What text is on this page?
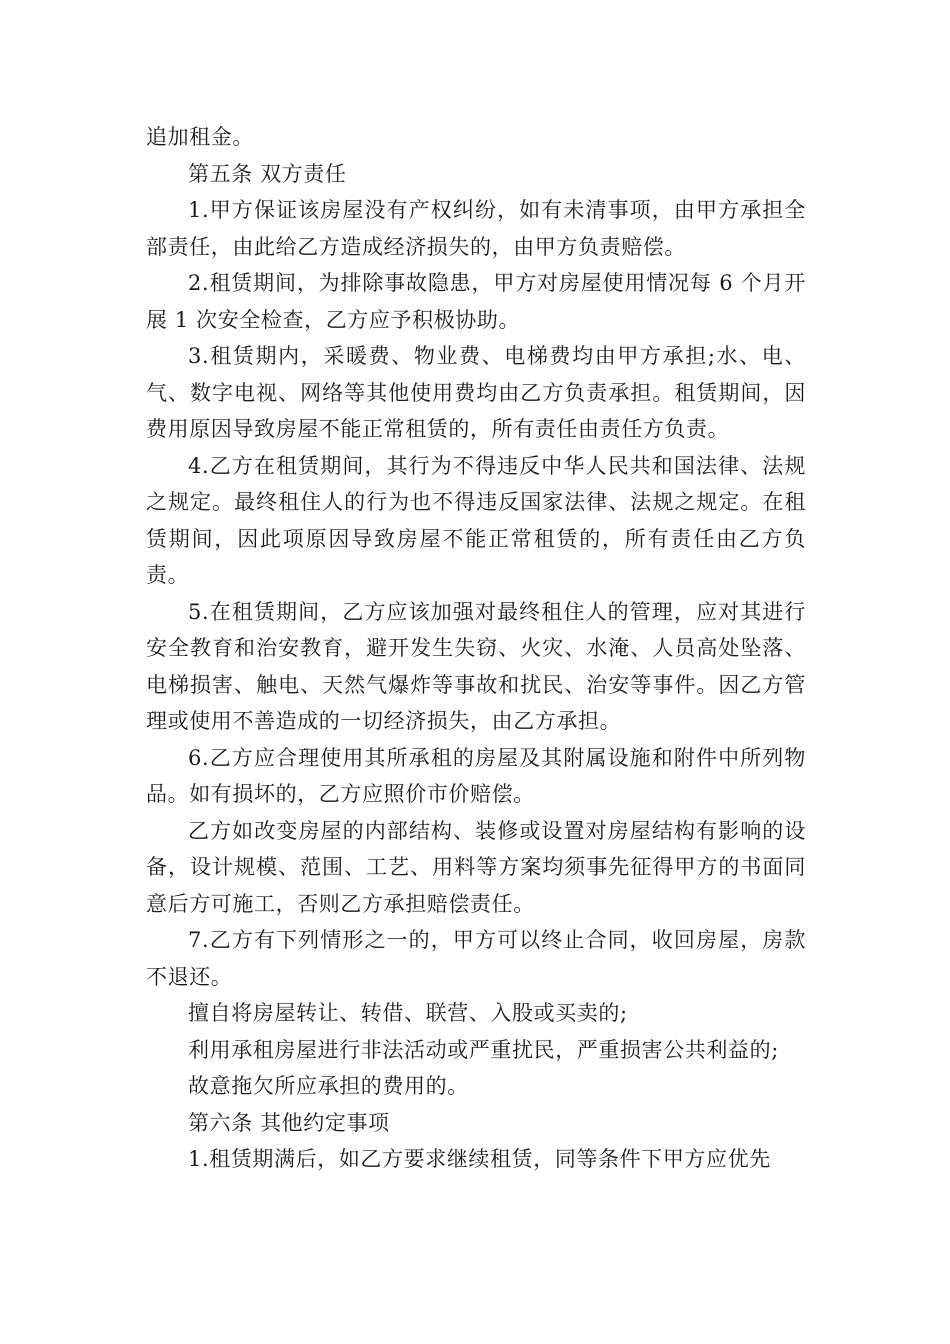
追加租金。

第五条 双方责任

1.甲方保证该房屋没有产权纠纷，如有未清事项，由甲方承担全部责任，由此给乙方造成经济损失的，由甲方负责赔偿。

2.租赁期间，为排除事故隐患，甲方对房屋使用情况每 6 个月开展 1 次安全检查，乙方应予积极协助。

3.租赁期内，采暖费、物业费、电梯费均由甲方承担;水、电、气、数字电视、网络等其他使用费均由乙方负责承担。租赁期间，因费用原因导致房屋不能正常租赁的，所有责任由责任方负责。

4.乙方在租赁期间，其行为不得违反中华人民共和国法律、法规之规定。最终租住人的行为也不得违反国家法律、法规之规定。在租赁期间，因此项原因导致房屋不能正常租赁的，所有责任由乙方负责。

5.在租赁期间，乙方应该加强对最终租住人的管理，应对其进行安全教育和治安教育，避开发生失窃、火灾、水淹、人员高处坠落、电梯损害、触电、天然气爆炸等事故和扰民、治安等事件。因乙方管理或使用不善造成的一切经济损失，由乙方承担。

6.乙方应合理使用其所承租的房屋及其附属设施和附件中所列物品。如有损坏的，乙方应照价市价赔偿。

乙方如改变房屋的内部结构、装修或设置对房屋结构有影响的设备，设计规模、范围、工艺、用料等方案均须事先征得甲方的书面同意后方可施工，否则乙方承担赔偿责任。

7.乙方有下列情形之一的，甲方可以终止合同，收回房屋，房款不退还。

擅自将房屋转让、转借、联营、入股或买卖的;

利用承租房屋进行非法活动或严重扰民，严重损害公共利益的;

故意拖欠所应承担的费用的。

第六条 其他约定事项

1.租赁期满后，如乙方要求继续租赁，同等条件下甲方应优先
